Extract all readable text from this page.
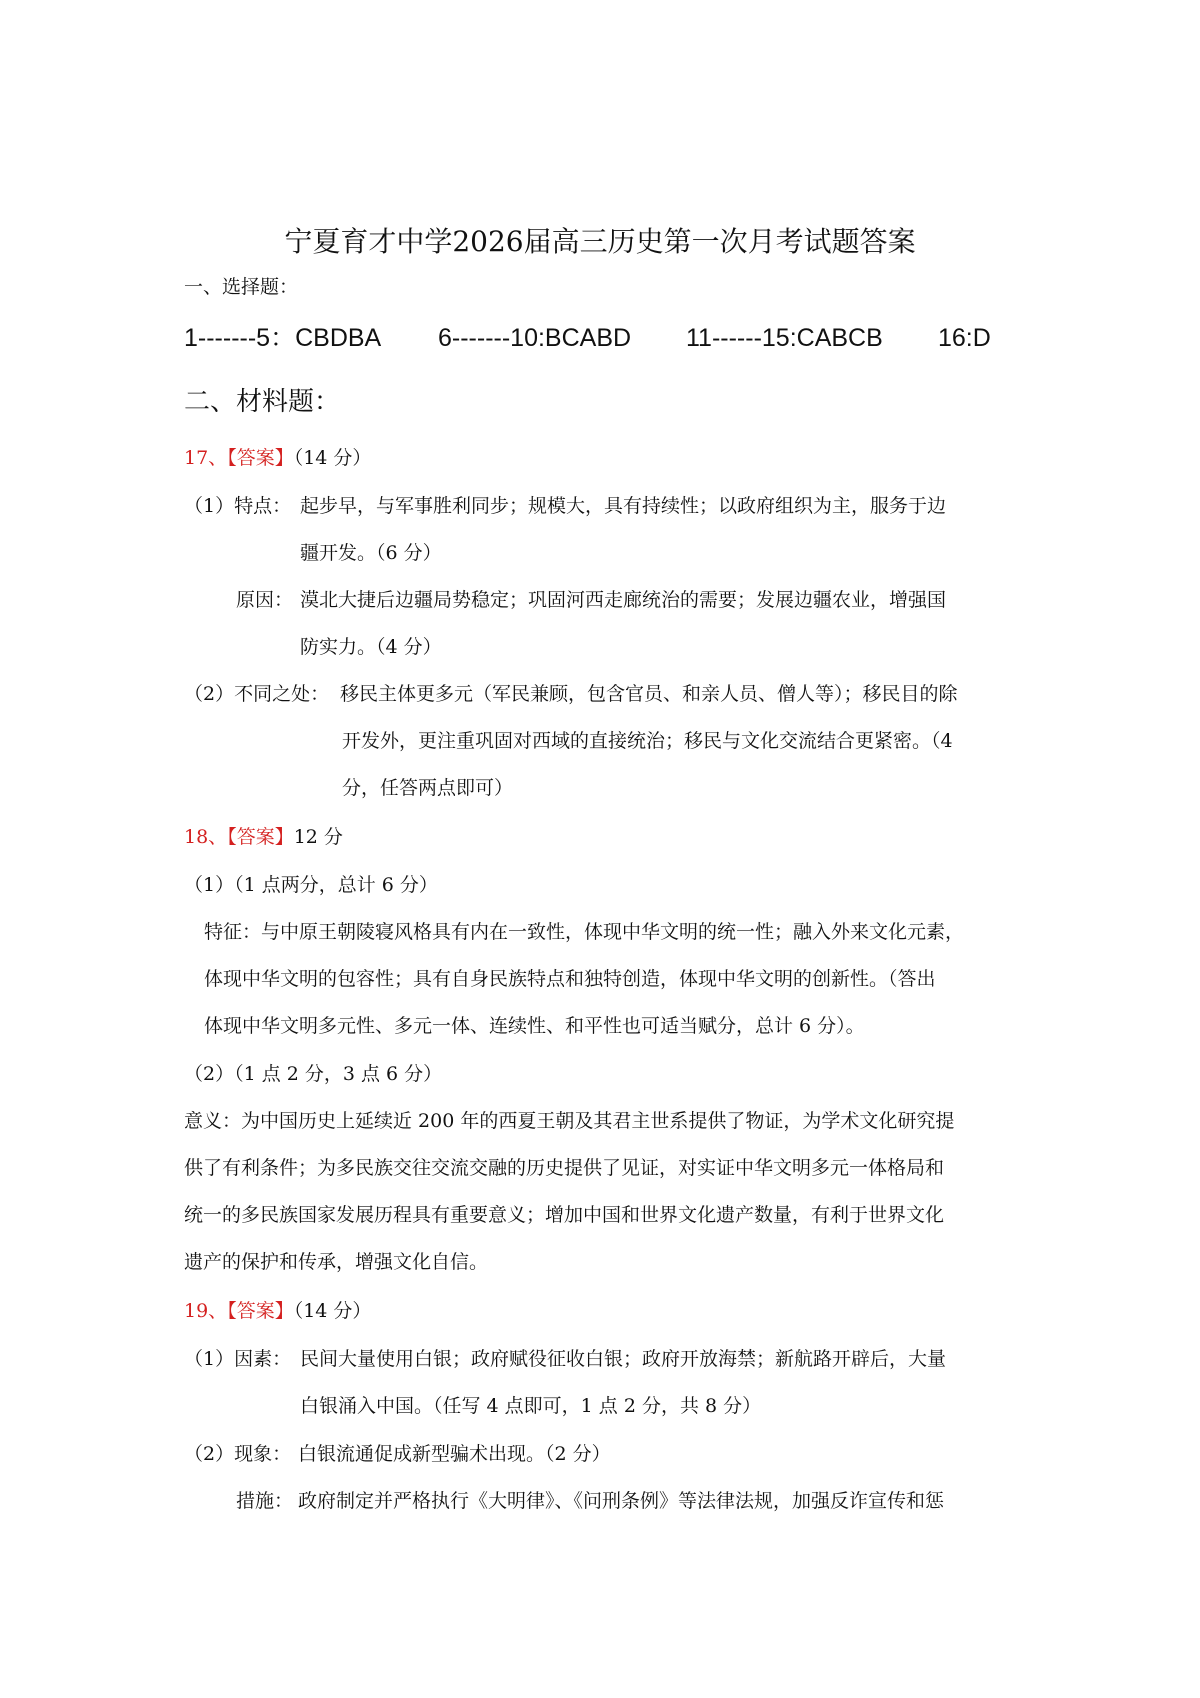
宁夏育才中学2026届高三历史第一次月考试题答案
一、选择题：
1-------5：CBDBA 6-------10:BCABD 11------15:CABCB 16:D
二、材料题：
17、【答案】（14 分）
（1）特点： 起步早，与军事胜利同步；规模大，具有持续性；以政府组织为主，服务于边
疆开发。（6 分）
原因： 漠北大捷后边疆局势稳定；巩固河西走廊统治的需要；发展边疆农业，增强国
防实力。（4 分）
（2）不同之处： 移民主体更多元（军民兼顾，包含官员、和亲人员、僧人等）；移民目的除
开发外，更注重巩固对西域的直接统治；移民与文化交流结合更紧密。（4
分，任答两点即可）
18、【答案】12 分
（1）（1 点两分，总计 6 分）
特征：与中原王朝陵寝风格具有内在一致性，体现中华文明的统一性；融入外来文化元素，
体现中华文明的包容性；具有自身民族特点和独特创造，体现中华文明的创新性。（答出
体现中华文明多元性、多元一体、连续性、和平性也可适当赋分，总计 6 分）。
（2）（1 点 2 分，3 点 6 分）
意义：为中国历史上延续近 200 年的西夏王朝及其君主世系提供了物证，为学术文化研究提
供了有利条件；为多民族交往交流交融的历史提供了见证，对实证中华文明多元一体格局和
统一的多民族国家发展历程具有重要意义；增加中国和世界文化遗产数量，有利于世界文化
遗产的保护和传承，增强文化自信。
19、【答案】（14 分）
（1）因素： 民间大量使用白银；政府赋役征收白银；政府开放海禁；新航路开辟后，大量
白银涌入中国。（任写 4 点即可，1 点 2 分，共 8 分）
（2）现象： 白银流通促成新型骗术出现。（2 分）
措施： 政府制定并严格执行《大明律》、《问刑条例》等法律法规，加强反诈宣传和惩
